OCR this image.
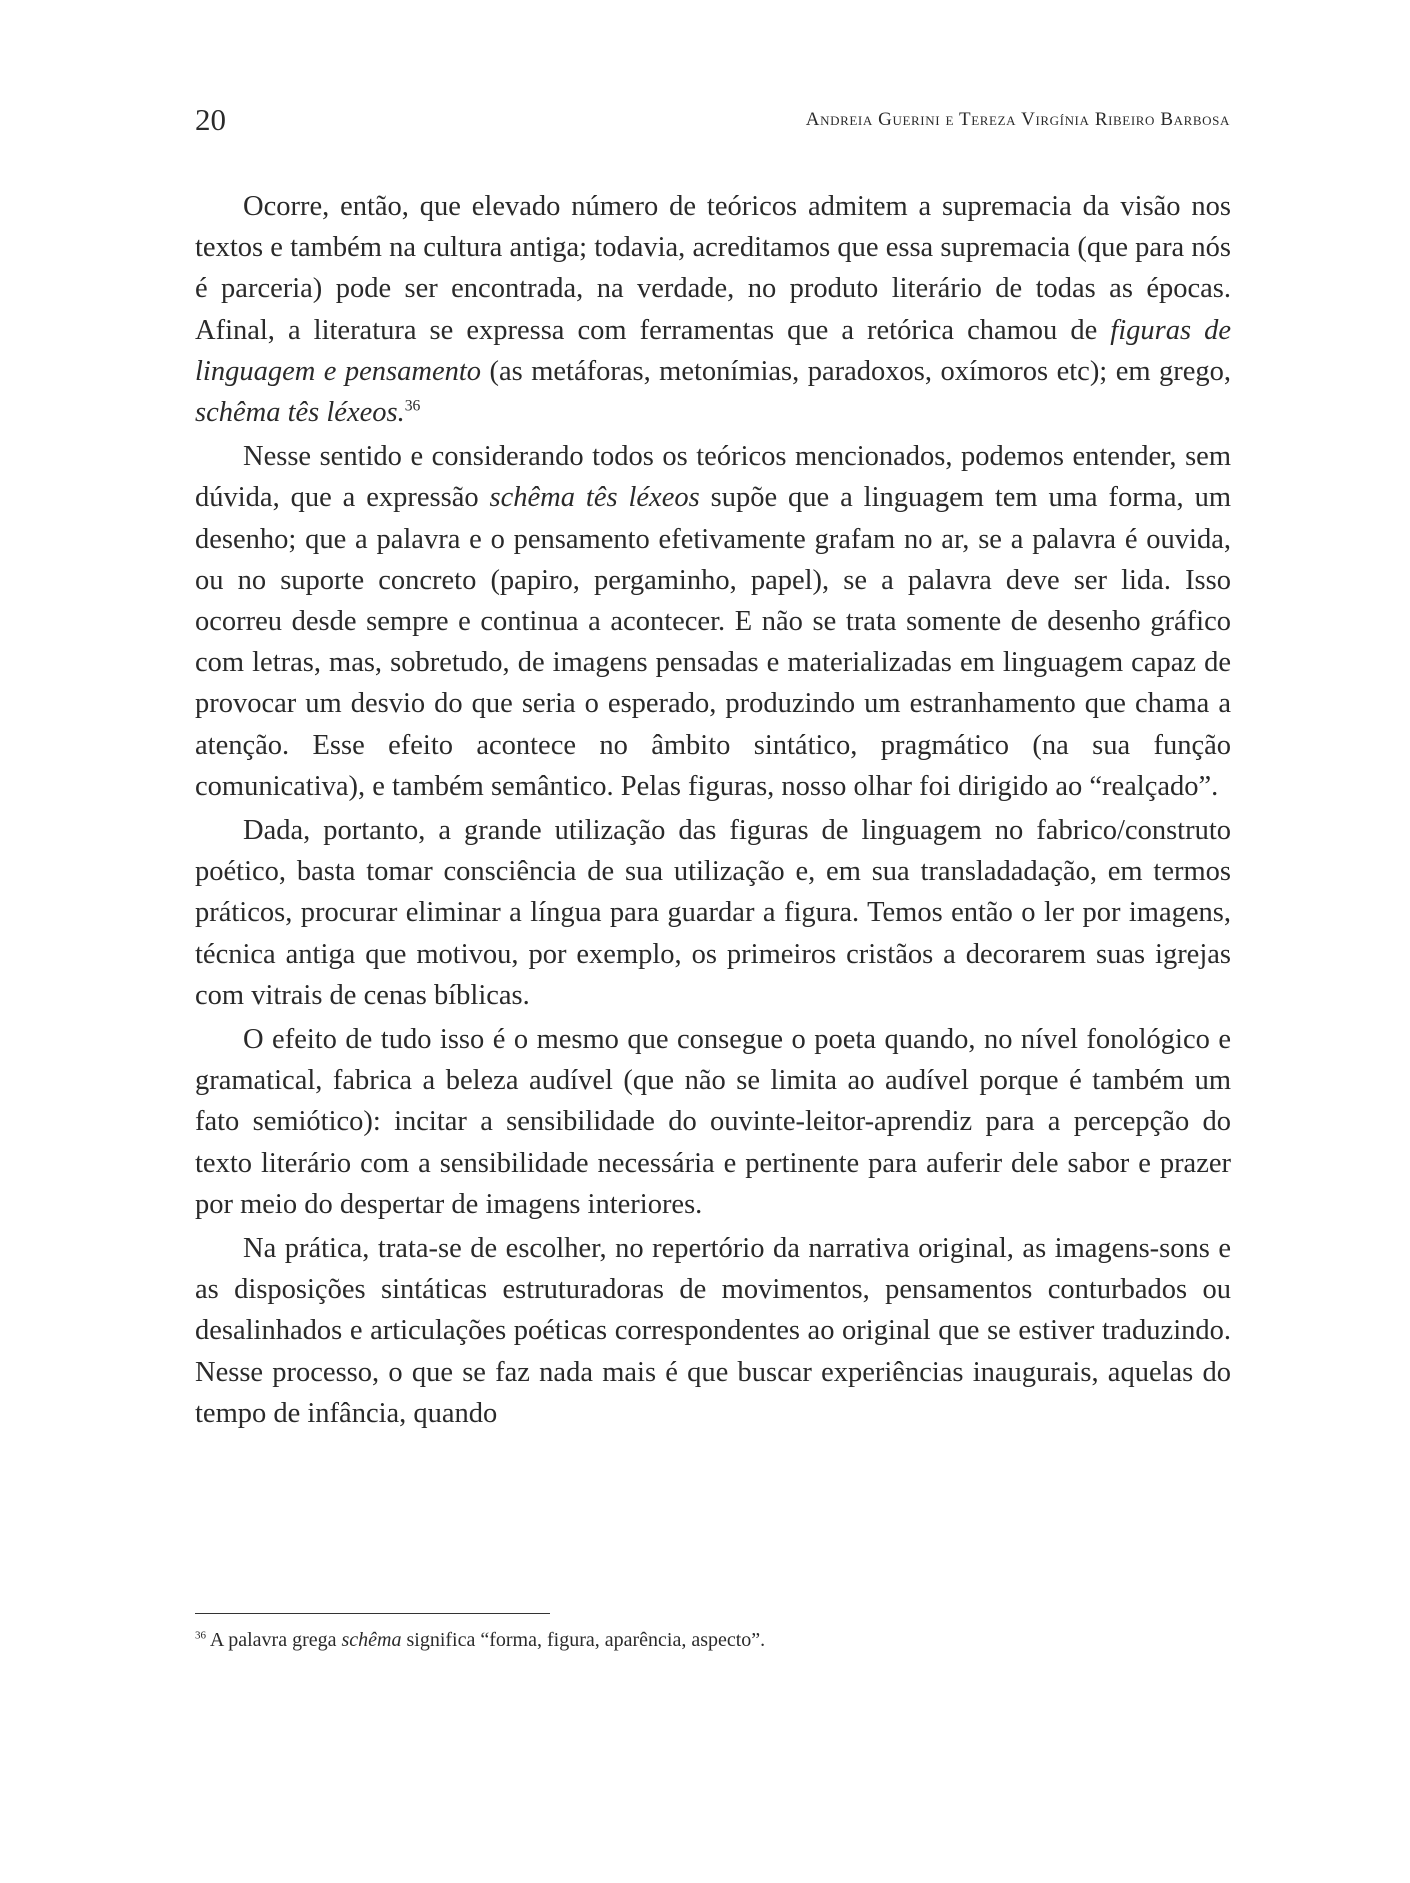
20	Andreia Guerini e Tereza Virgínia Ribeiro Barbosa

Ocorre, então, que elevado número de teóricos admitem a supremacia da visão nos textos e também na cultura antiga; todavia, acreditamos que essa supremacia (que para nós é parceria) pode ser encontrada, na verdade, no produto literário de todas as épocas. Afinal, a literatura se expressa com ferramentas que a retórica chamou de figuras de linguagem e pensamento (as metáforas, metonímias, paradoxos, oxímoros etc); em grego, schêma tês léxeos.$^{36}$

Nesse sentido e considerando todos os teóricos mencionados, podemos entender, sem dúvida, que a expressão schêma tês léxeos supõe que a linguagem tem uma forma, um desenho; que a palavra e o pensamento efetivamente grafam no ar, se a palavra é ouvida, ou no suporte concreto (papiro, pergaminho, papel), se a palavra deve ser lida. Isso ocorreu desde sempre e continua a acontecer. E não se trata somente de desenho gráfico com letras, mas, sobretudo, de imagens pensadas e materializadas em linguagem capaz de provocar um desvio do que seria o esperado, produzindo um estranhamento que chama a atenção. Esse efeito acontece no âmbito sintático, pragmático (na sua função comunicativa), e também semântico. Pelas figuras, nosso olhar foi dirigido ao “realçado”.

Dada, portanto, a grande utilização das figuras de linguagem no fabrico/construto poético, basta tomar consciência de sua utilização e, em sua transladadação, em termos práticos, procurar eliminar a língua para guardar a figura. Temos então o ler por imagens, técnica antiga que motivou, por exemplo, os primeiros cristãos a decorarem suas igrejas com vitrais de cenas bíblicas.

O efeito de tudo isso é o mesmo que consegue o poeta quando, no nível fonológico e gramatical, fabrica a beleza audível (que não se limita ao audível porque é também um fato semiótico): incitar a sensibilidade do ouvinte-leitor-aprendiz para a percepção do texto literário com a sensibilidade necessária e pertinente para auferir dele sabor e prazer por meio do despertar de imagens interiores.

Na prática, trata-se de escolher, no repertório da narrativa original, as imagens-sons e as disposições sintáticas estruturadoras de movimentos, pensamentos conturbados ou desalinhados e articulações poéticas correspondentes ao original que se estiver traduzindo. Nesse processo, o que se faz nada mais é que buscar experiências inaugurais, aquelas do tempo de infância, quando

$^{36}$ A palavra grega schêma significa “forma, figura, aparência, aspecto”.
